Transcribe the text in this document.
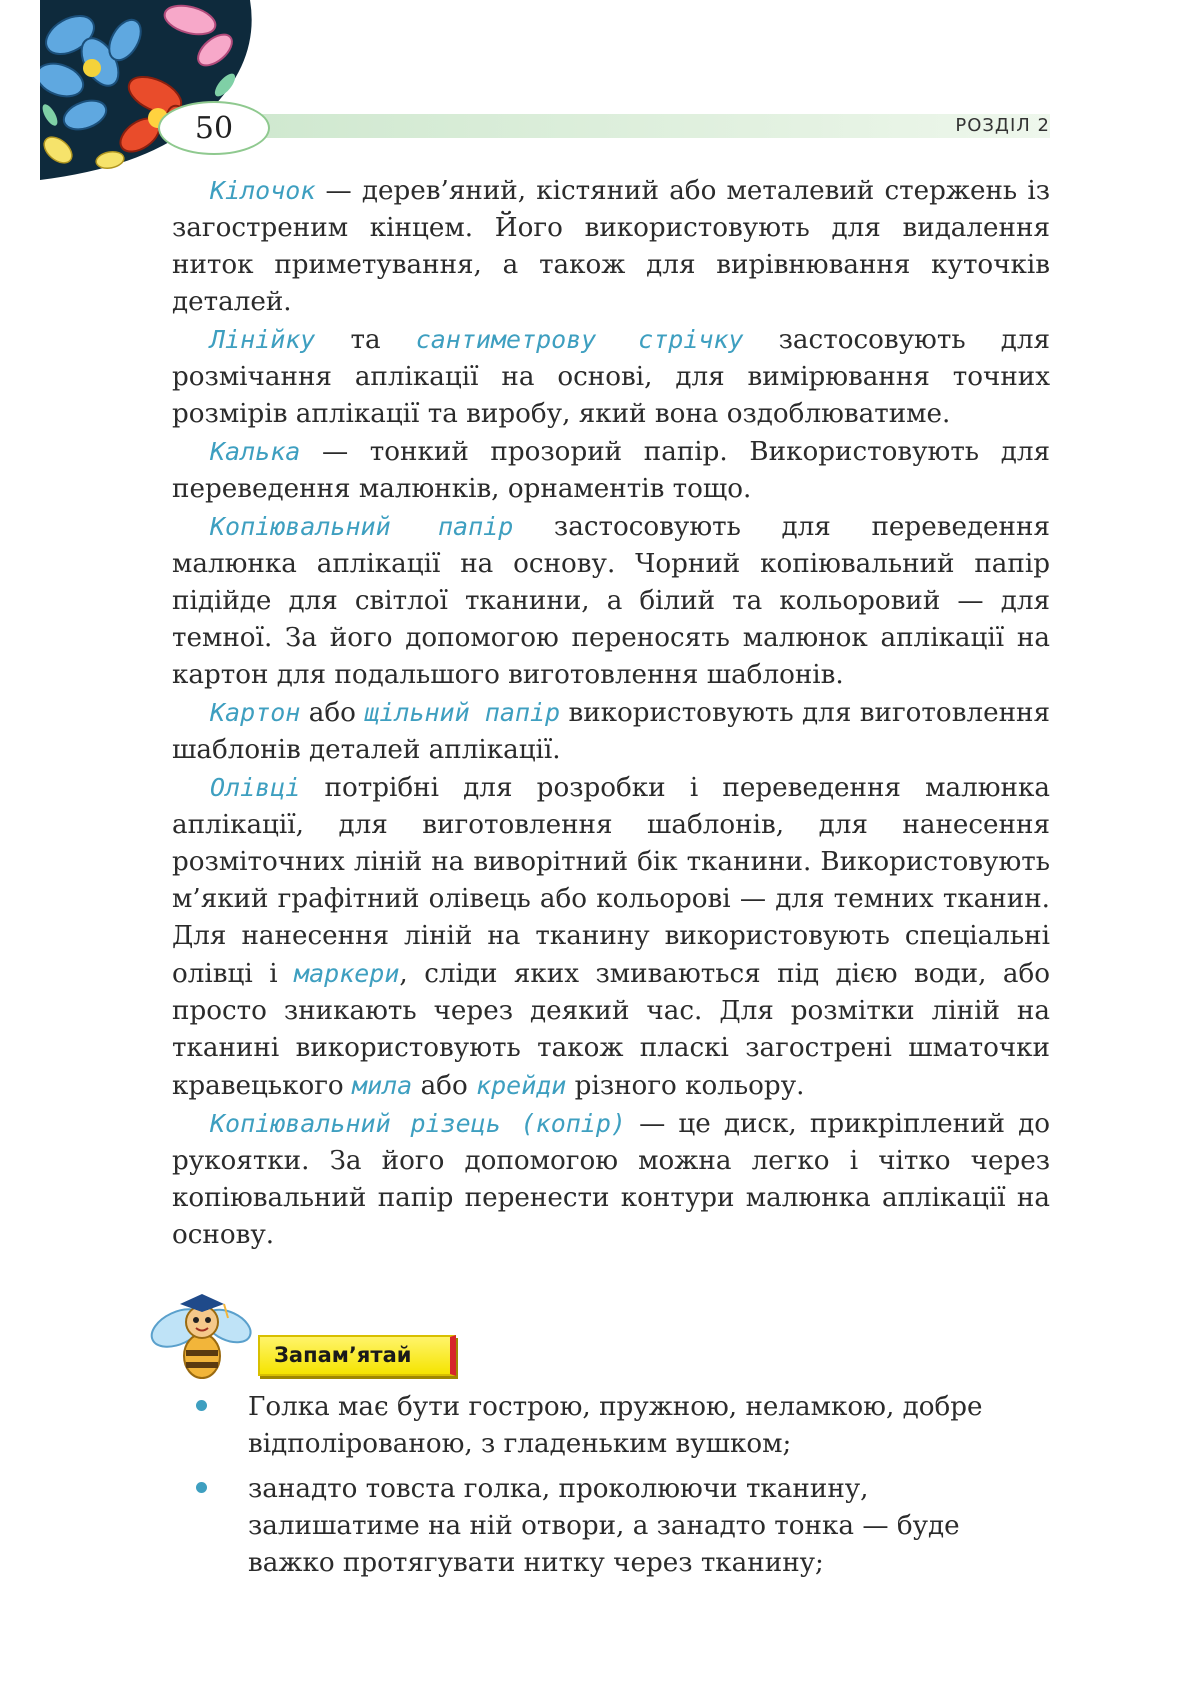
50	РОЗДІЛ 2

Кілочок — дерев’яний, кістяний або металевий стержень із загостреним кінцем. Його використовують для видалення ниток приметування, а також для вирівнювання куточків деталей.

Лінійку та сантиметрову стрічку застосовують для розмічання аплікації на основі, для вимірювання точних розмірів аплікації та виробу, який вона оздоблюватиме.

Калька — тонкий прозорий папір. Використовують для переведення малюнків, орнаментів тощо.

Копіювальний папір застосовують для переведення малюнка аплікації на основу. Чорний копіювальний папір підійде для світлої тканини, а білий та кольоровий — для темної. За його допомогою переносять малюнок аплікації на картон для подальшого виготовлення шаблонів.

Картон або щільний папір використовують для виготовлення шаблонів деталей аплікації.

Олівці потрібні для розробки і переведення малюнка аплікації, для виготовлення шаблонів, для нанесення розміточних ліній на виворітний бік тканини. Використовують м’який графітний олівець або кольорові — для темних тканин. Для нанесення ліній на тканину використовують спеціальні олівці і маркери, сліди яких змиваються під дією води, або просто зникають через деякий час. Для розмітки ліній на тканині використовують також пласкі загострені шматочки кравецького мила або крейди різного кольору.

Копіювальний різець (копір) — це диск, прикріплений до рукоятки. За його допомогою можна легко і чітко через копіювальний папір перенести контури малюнка аплікації на основу.

Запам’ятай
Голка має бути гострою, пружною, неламкою, добре відполірованою, з гладеньким вушком;
занадто товста голка, проколюючи тканину, залишатиме на ній отвори, а занадто тонка — буде важко протягувати нитку через тканину;
